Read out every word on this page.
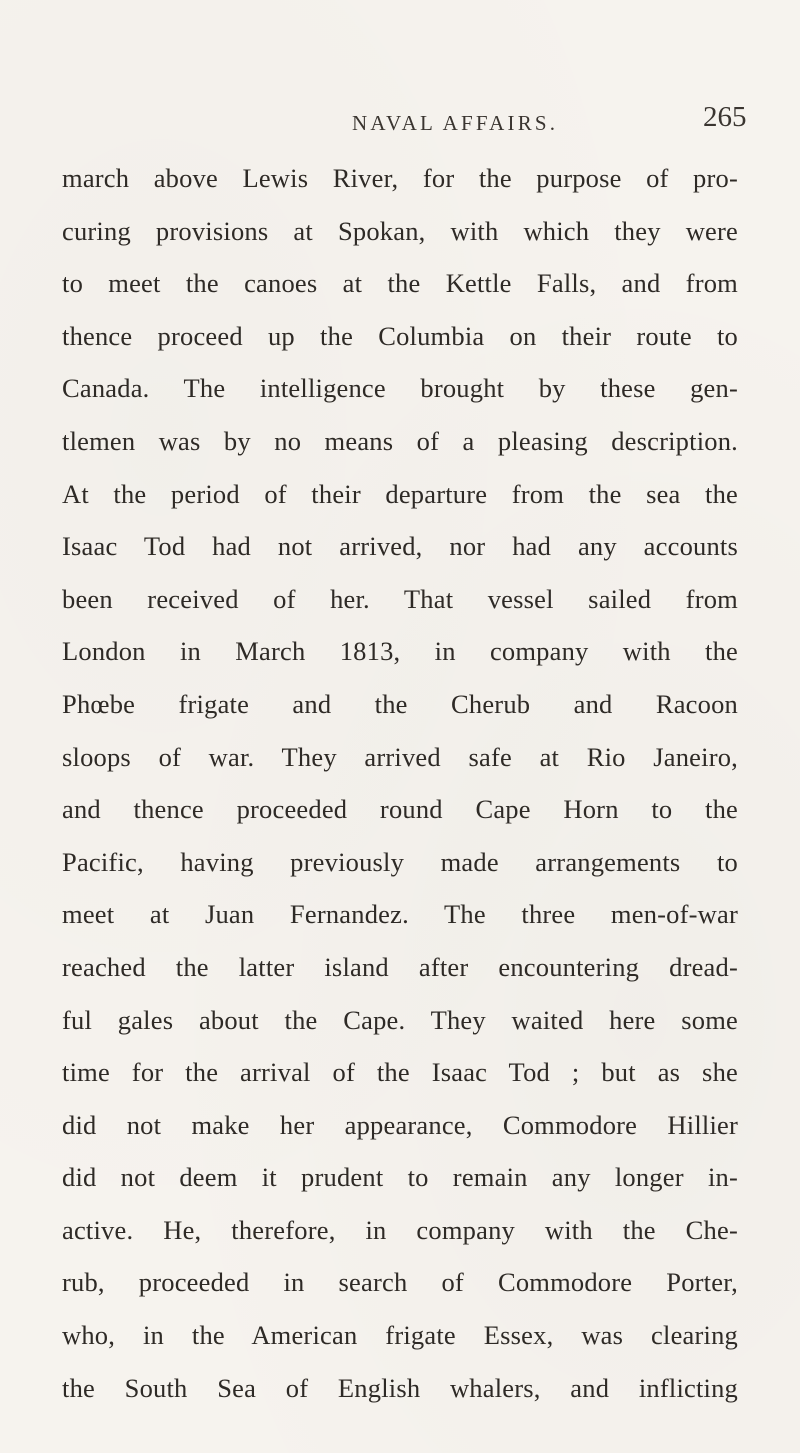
NAVAL AFFAIRS.	265
march above Lewis River, for the purpose of pro-
curing provisions at Spokan, with which they were
to meet the canoes at the Kettle Falls, and from
thence proceed up the Columbia on their route to
Canada. The intelligence brought by these gen-
tlemen was by no means of a pleasing description.
At the period of their departure from the sea the
Isaac Tod had not arrived, nor had any accounts
been received of her. That vessel sailed from
London in March 1813, in company with the
Phœbe frigate and the Cherub and Racoon
sloops of war. They arrived safe at Rio Janeiro,
and thence proceeded round Cape Horn to the
Pacific, having previously made arrangements to
meet at Juan Fernandez. The three men-of-war
reached the latter island after encountering dread-
ful gales about the Cape. They waited here some
time for the arrival of the Isaac Tod ; but as she
did not make her appearance, Commodore Hillier
did not deem it prudent to remain any longer in-
active. He, therefore, in company with the Che-
rub, proceeded in search of Commodore Porter,
who, in the American frigate Essex, was clearing
the South Sea of English whalers, and inflicting
